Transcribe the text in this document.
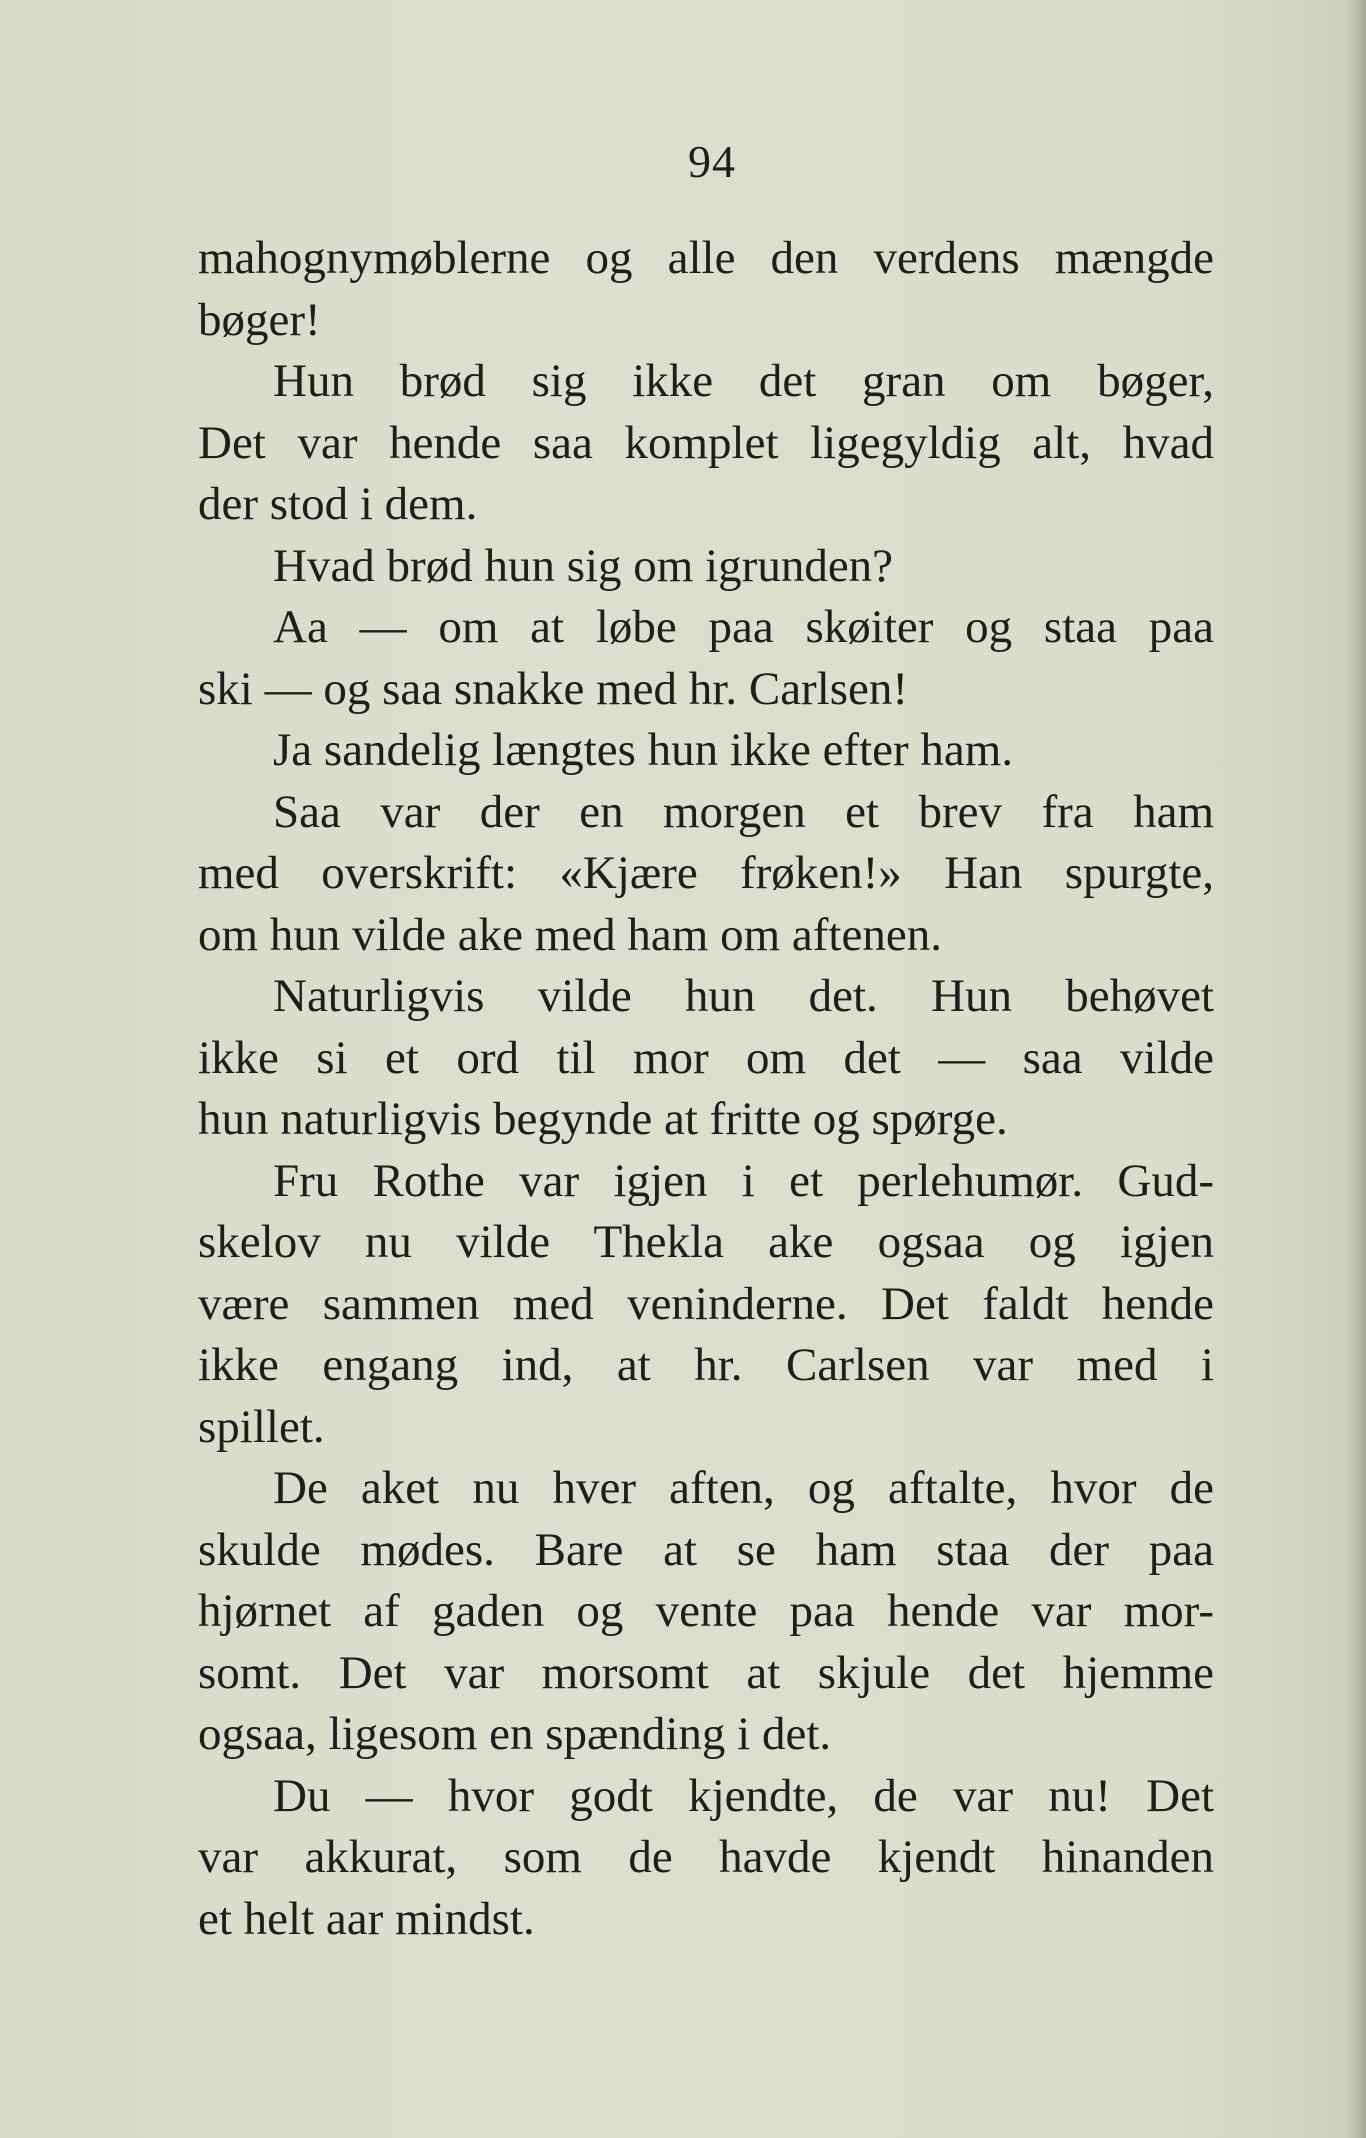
94
mahognymøblerne og alle den verdens mængde
bøger!
Hun brød sig ikke det gran om bøger,
Det var hende saa komplet ligegyldig alt, hvad
der stod i dem.
Hvad brød hun sig om igrunden?
Aa — om at løbe paa skøiter og staa paa
ski — og saa snakke med hr. Carlsen!
Ja sandelig længtes hun ikke efter ham.
Saa var der en morgen et brev fra ham
med overskrift: «Kjære frøken!» Han spurgte,
om hun vilde ake med ham om aftenen.
Naturligvis vilde hun det. Hun behøvet
ikke si et ord til mor om det — saa vilde
hun naturligvis begynde at fritte og spørge.
Fru Rothe var igjen i et perlehumør. Gud-
skelov nu vilde Thekla ake ogsaa og igjen
være sammen med veninderne. Det faldt hende
ikke engang ind, at hr. Carlsen var med i
spillet.
De aket nu hver aften, og aftalte, hvor de
skulde mødes. Bare at se ham staa der paa
hjørnet af gaden og vente paa hende var mor-
somt. Det var morsomt at skjule det hjemme
ogsaa, ligesom en spænding i det.
Du — hvor godt kjendte, de var nu! Det
var akkurat, som de havde kjendt hinanden
et helt aar mindst.
